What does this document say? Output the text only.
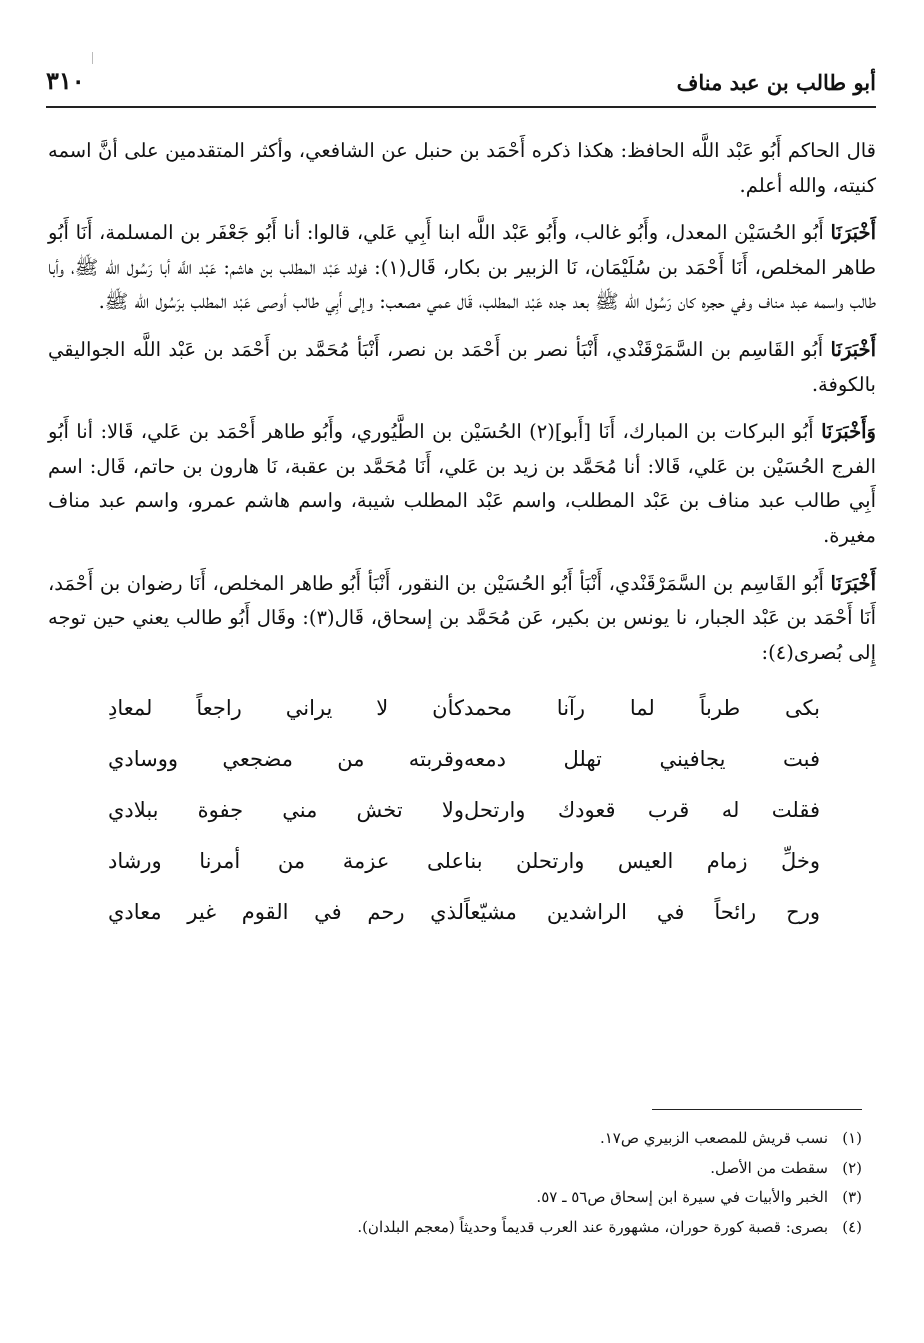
أبو طالب بن عبد مناف
٣١٠

قال الحاكم أَبُو عَبْد اللَّه الحافظ: هكذا ذكره أَحْمَد بن حنبل عن الشافعي، وأكثر المتقدمين على أنَّ اسمه كنيته، والله أعلم.

أَخْبَرَنَا أَبُو الحُسَيْن المعدل، وأَبُو غالب، وأَبُو عَبْد اللَّه ابنا أَبِي عَلي، قالوا: أنا أَبُو جَعْفَر بن المسلمة، أَنَا أَبُو طاهر المخلص، أَنَا أَحْمَد بن سُلَيْمَان، نَا الزبير بن بكار، قَال(١): فولد عَبْد المطلب بن هاشم: عَبْد اللَّه أبا رَسُول الله ﷺ، وأبا طالب واسمه عبد مناف وفي حجره كان رَسُول الله ﷺ بعد جده عَبْد المطلب، قَال عمي مصعب: وإلى أَبِي طالب أوصى عَبْد المطلب برَسُول الله ﷺ.

أَخْبَرَنَا أَبُو القَاسِم بن السَّمَرْقَنْدي، أَنْبَأ نصر بن أَحْمَد بن نصر، أَنْبَأ مُحَمَّد بن أَحْمَد بن عَبْد اللَّه الجواليقي بالكوفة.

وَأَخْبَرَنَا أَبُو البركات بن المبارك، أَنَا [أَبو](٢) الحُسَيْن بن الطَّيُوري، وأَبُو طاهر أَحْمَد بن عَلي، قَالا: أنا أَبُو الفرج الحُسَيْن بن عَلي، قَالا: أنا مُحَمَّد بن زيد بن عَلي، أَنَا مُحَمَّد بن عقبة، نَا هارون بن حاتم، قَال: اسم أَبِي طالب عبد مناف بن عَبْد المطلب، واسم عَبْد المطلب شيبة، واسم هاشم عمرو، واسم عبد مناف مغيرة.

أَخْبَرَنَا أَبُو القَاسِم بن السَّمَرْقَنْدي، أَنْبَأ أَبُو الحُسَيْن بن النقور، أَنْبَأ أَبُو طاهر المخلص، أَنَا رضوان بن أَحْمَد، أَنَا أَحْمَد بن عَبْد الجبار، نا يونس بن بكير، عَن مُحَمَّد بن إسحاق، قَال(٣): وقَال أَبُو طالب يعني حين توجه إِلى بُصرى(٤):

بكى طرباً لما رآنا محمد
كأن لا يراني راجعاً لمعادِ
فبت يجافيني تهلل دمعه
وقربته من مضجعي ووسادي
فقلت له قرب قعودك وارتحل
ولا تخش مني جفوة ببلادي
وخلِّ زمام العيس وارتحلن بنا
على عزمة من أمرنا ورشاد
ورح رائحاً في الراشدين مشيّعاً
لذي رحم في القوم غير معادي
(١)
نسب قريش للمصعب الزبيري ص١٧.
(٢)
سقطت من الأصل.
(٣)
الخبر والأبيات في سيرة ابن إسحاق ص٥٦ ـ ٥٧.
(٤)
بصرى: قصبة كورة حوران، مشهورة عند العرب قديماً وحديثاً (معجم البلدان).
